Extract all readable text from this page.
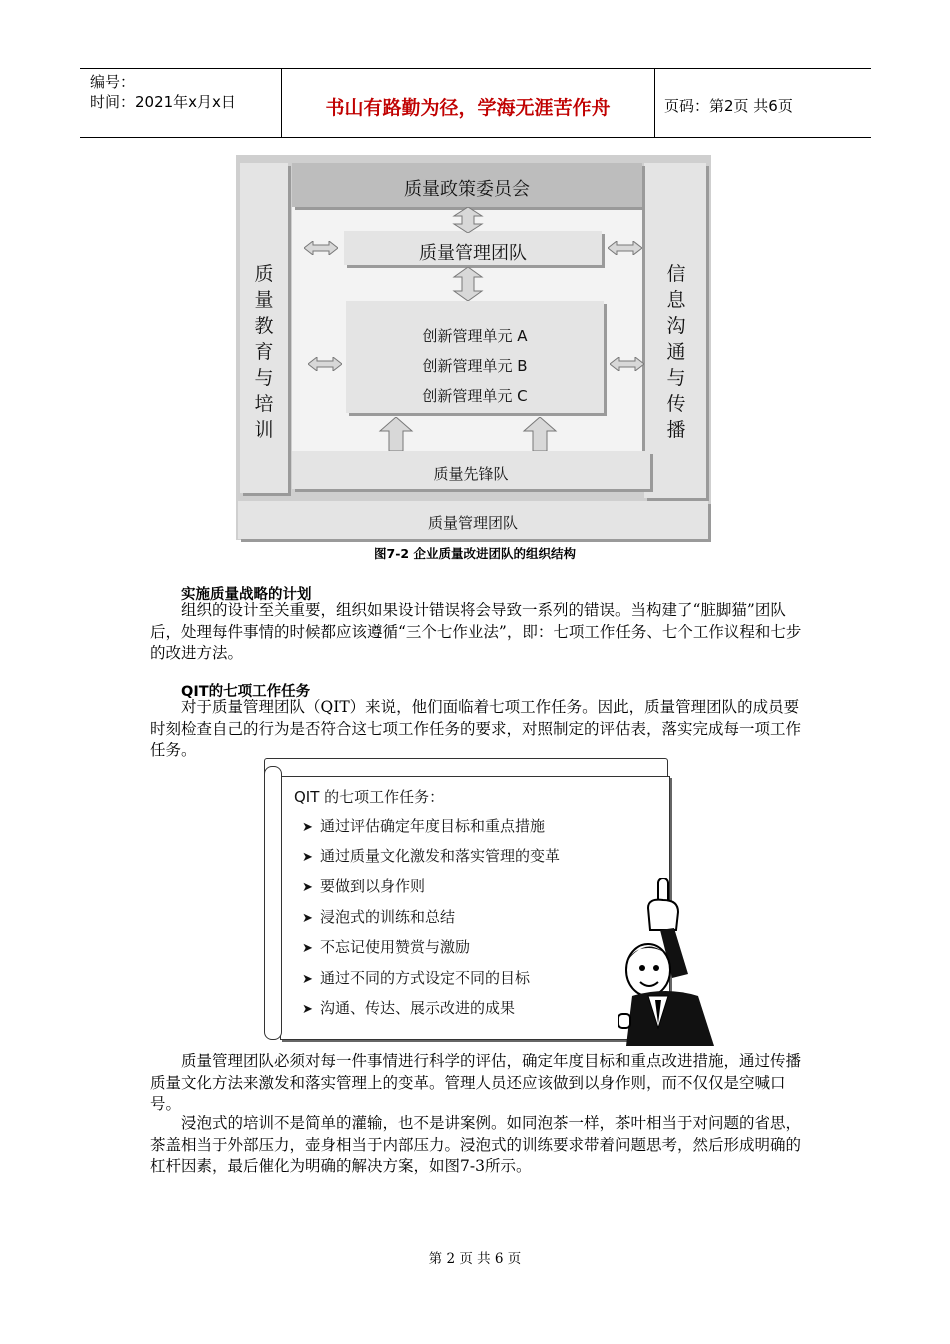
编号：
时间：2021年x月x日	书山有路勤为径，学海无涯苦作舟	页码：第2页 共6页
质量教育与培训
信息沟通与传播
质量政策委员会
质量管理团队
创新管理单元 A
创新管理单元 B
创新管理单元 C
质量先锋队
质量管理团队
图7-2 企业质量改进团队的组织结构
实施质量战略的计划
组织的设计至关重要，组织如果设计错误将会导致一系列的错误。当构建了“脏脚猫”团队后，处理每件事情的时候都应该遵循“三个七作业法”，即：七项工作任务、七个工作议程和七步的改进方法。
QIT的七项工作任务
对于质量管理团队（QIT）来说，他们面临着七项工作任务。因此，质量管理团队的成员要时刻检查自己的行为是否符合这七项工作任务的要求，对照制定的评估表，落实完成每一项工作任务。
QIT 的七项工作任务：
➤ 通过评估确定年度目标和重点措施
➤ 通过质量文化激发和落实管理的变革
➤ 要做到以身作则
➤ 浸泡式的训练和总结
➤ 不忘记使用赞赏与激励
➤ 通过不同的方式设定不同的目标
➤ 沟通、传达、展示改进的成果
质量管理团队必须对每一件事情进行科学的评估，确定年度目标和重点改进措施，通过传播质量文化方法来激发和落实管理上的变革。管理人员还应该做到以身作则，而不仅仅是空喊口号。
浸泡式的培训不是简单的灌输，也不是讲案例。如同泡茶一样，茶叶相当于对问题的省思，茶盖相当于外部压力，壶身相当于内部压力。浸泡式的训练要求带着问题思考，然后形成明确的杠杆因素，最后催化为明确的解决方案，如图7-3所示。
第 2 页 共 6 页
